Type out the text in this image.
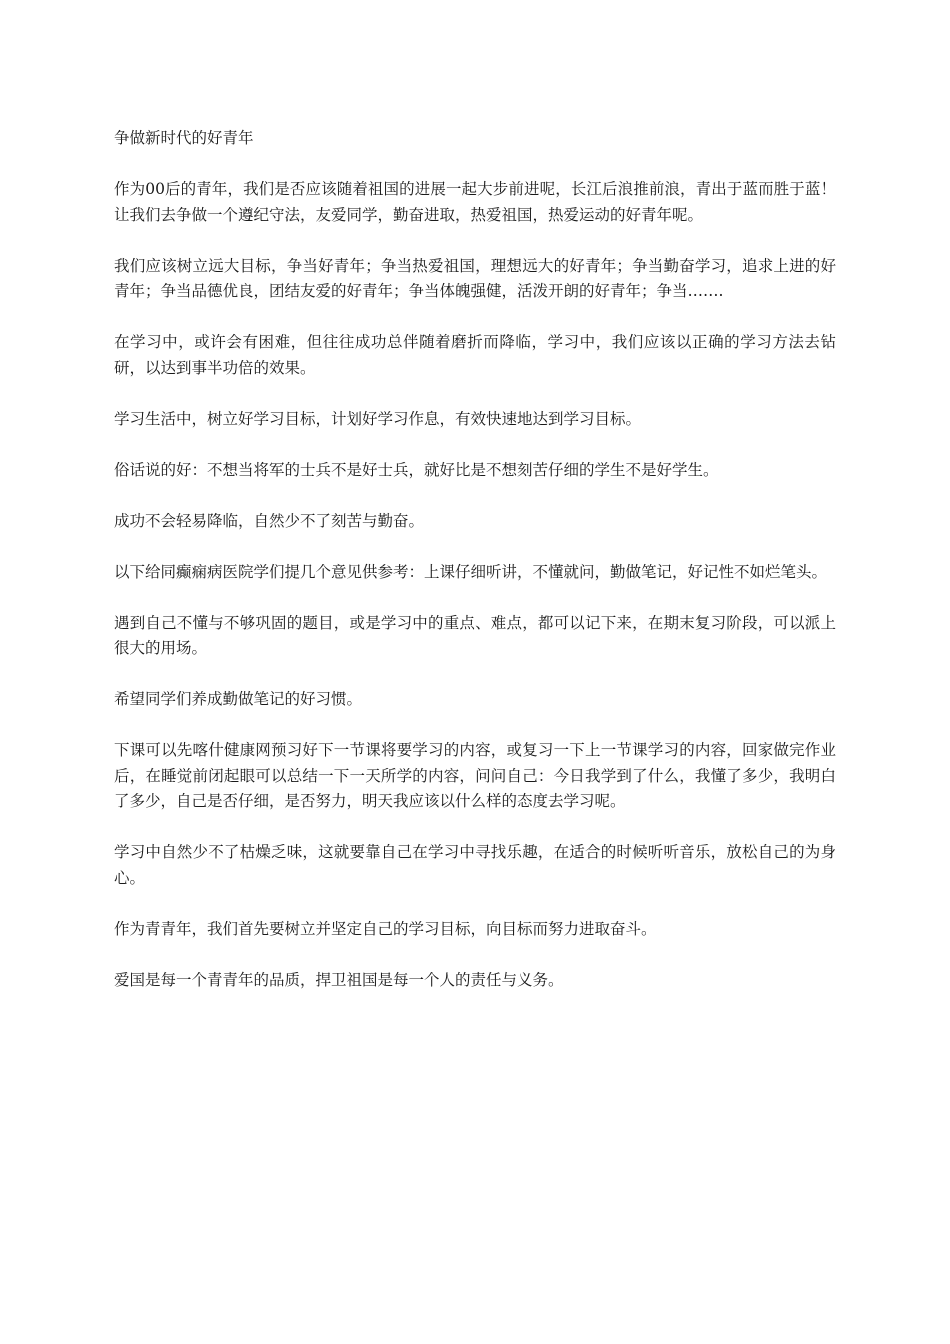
争做新时代的好青年

作为00后的青年，我们是否应该随着祖国的进展一起大步前进呢，长江后浪推前浪，青出于蓝而胜于蓝！让我们去争做一个遵纪守法，友爱同学，勤奋进取，热爱祖国，热爱运动的好青年呢。

我们应该树立远大目标，争当好青年；争当热爱祖国，理想远大的好青年；争当勤奋学习，追求上进的好青年；争当品德优良，团结友爱的好青年；争当体魄强健，活泼开朗的好青年；争当…….

在学习中，或许会有困难，但往往成功总伴随着磨折而降临，学习中，我们应该以正确的学习方法去钻研，以达到事半功倍的效果。

学习生活中，树立好学习目标，计划好学习作息，有效快速地达到学习目标。

俗话说的好：不想当将军的士兵不是好士兵，就好比是不想刻苦仔细的学生不是好学生。

成功不会轻易降临，自然少不了刻苦与勤奋。

以下给同癫痫病医院学们提几个意见供参考：上课仔细听讲，不懂就问，勤做笔记，好记性不如烂笔头。

遇到自己不懂与不够巩固的题目，或是学习中的重点、难点，都可以记下来，在期末复习阶段，可以派上很大的用场。

希望同学们养成勤做笔记的好习惯。

下课可以先喀什健康网预习好下一节课将要学习的内容，或复习一下上一节课学习的内容，回家做完作业后，在睡觉前闭起眼可以总结一下一天所学的内容，问问自己：今日我学到了什么，我懂了多少，我明白了多少，自己是否仔细，是否努力，明天我应该以什么样的态度去学习呢。

学习中自然少不了枯燥乏味，这就要靠自己在学习中寻找乐趣，在适合的时候听听音乐，放松自己的为身心。

作为青青年，我们首先要树立并坚定自己的学习目标，向目标而努力进取奋斗。

爱国是每一个青青年的品质，捍卫祖国是每一个人的责任与义务。
